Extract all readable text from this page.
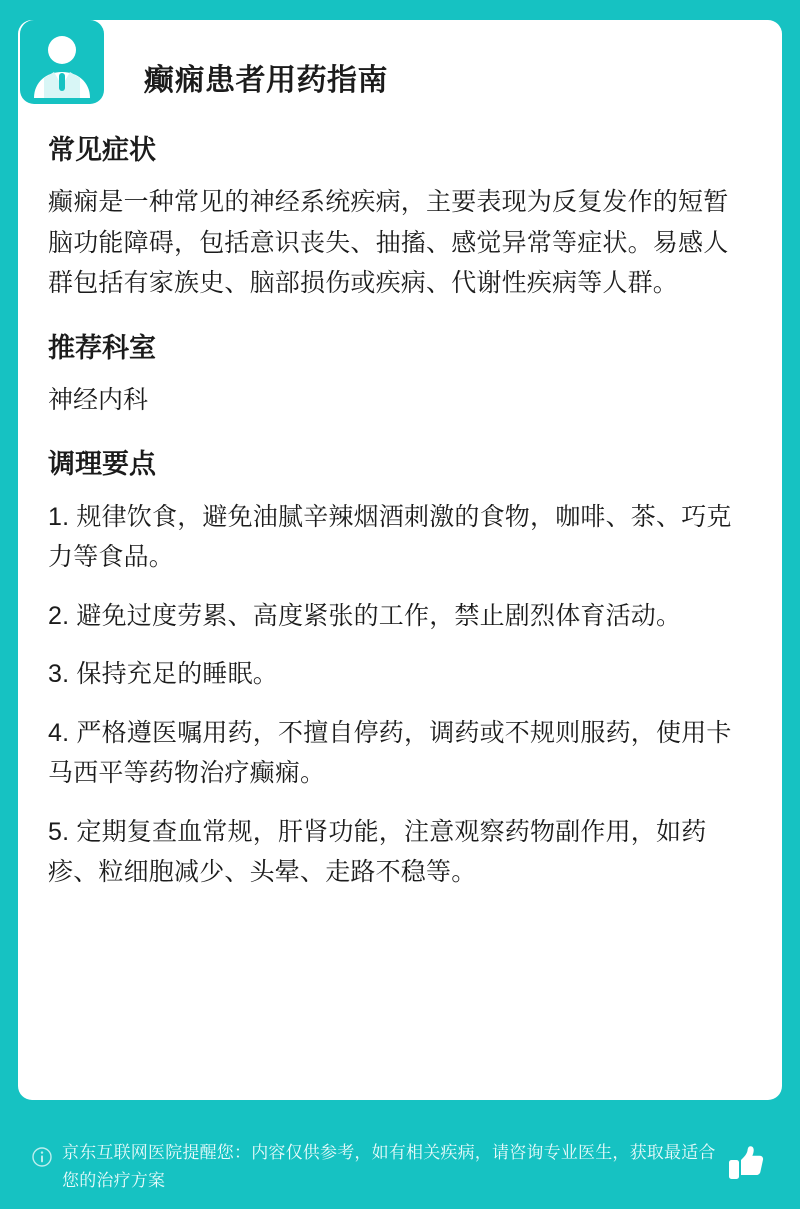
癫痫患者用药指南
常见症状

癫痫是一种常见的神经系统疾病，主要表现为反复发作的短暂脑功能障碍，包括意识丧失、抽搐、感觉异常等症状。易感人群包括有家族史、脑部损伤或疾病、代谢性疾病等人群。

推荐科室

神经内科

调理要点

1. 规律饮食，避免油腻辛辣烟酒刺激的食物，咖啡、茶、巧克力等食品。

2. 避免过度劳累、高度紧张的工作，禁止剧烈体育活动。

3. 保持充足的睡眠。

4. 严格遵医嘱用药，不擅自停药，调药或不规则服药，使用卡马西平等药物治疗癫痫。

5. 定期复查血常规，肝肾功能，注意观察药物副作用，如药疹、粒细胞减少、头晕、走路不稳等。

京东互联网医院提醒您：内容仅供参考，如有相关疾病，请咨询专业医生，获取最适合您的治疗方案
